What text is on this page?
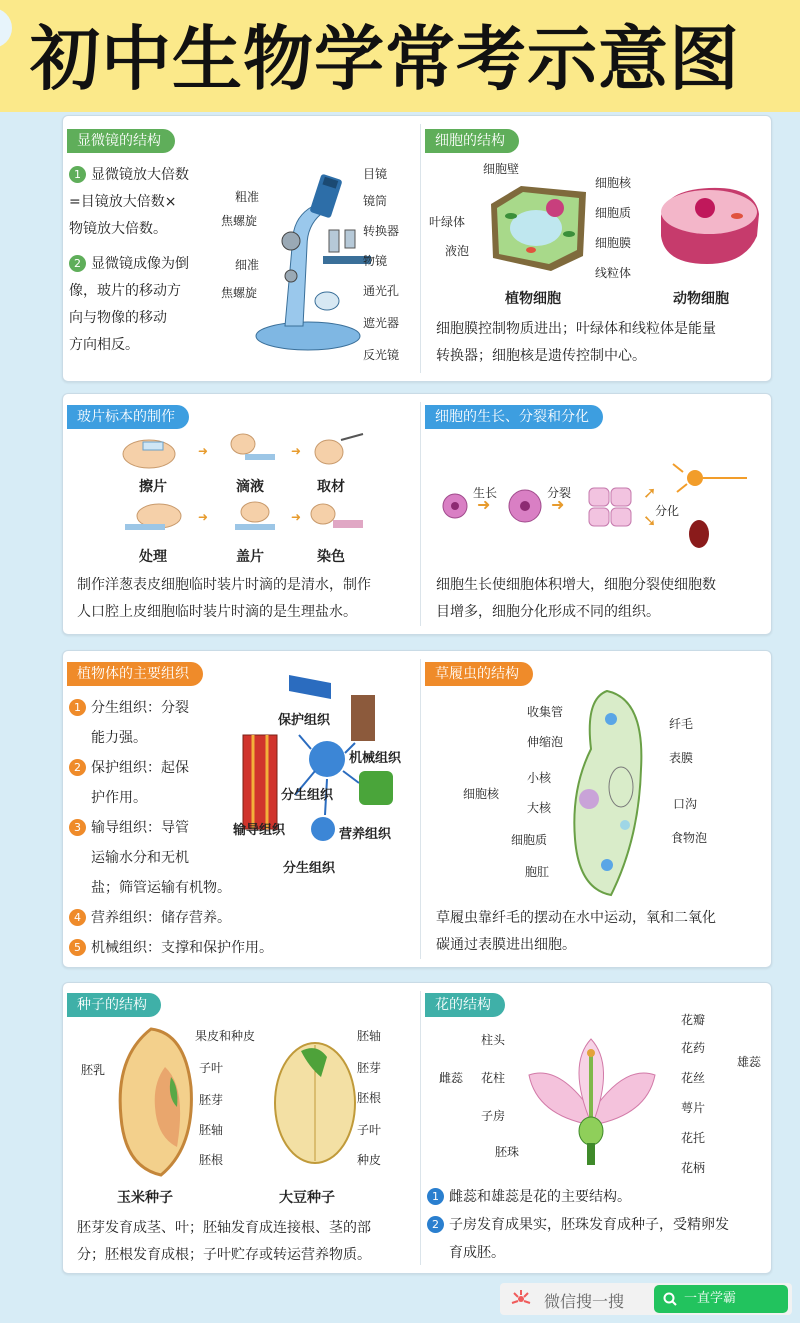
初中生物学常考示意图
显微镜的结构	细胞的结构
1 显微镜放大倍数
=目镜放大倍数×
物镜放大倍数。
2 显微镜成像为倒
像，玻片的移动方
向与物像的移动
方向相反。
粗准
焦螺旋
细准
焦螺旋
目镜
镜筒
转换器
物镜
通光孔
遮光器
反光镜
细胞壁
叶绿体
液泡
细胞核
细胞质
细胞膜
线粒体
植物细胞	动物细胞
细胞膜控制物质进出；叶绿体和线粒体是能量
转换器；细胞核是遗传控制中心。
玻片标本的制作	细胞的生长、分裂和分化
➜	➜
➜	➜
擦片	滴液	取材
处理	盖片	染色
制作洋葱表皮细胞临时装片时滴的是清水，制作
人口腔上皮细胞临时装片时滴的是生理盐水。
➜	➜
➚
➘
生长	分裂
分化
细胞生长使细胞体积增大，细胞分裂使细胞数
目增多，细胞分化形成不同的组织。
植物体的主要组织	草履虫的结构
1 分生组织：分裂
能力强。
2 保护组织：起保
护作用。
3 输导组织：导管
运输水分和无机
盐；筛管运输有机物。
4 营养组织：储存营养。
5 机械组织：支撑和保护作用。
保护组织
机械组织
分生组织
输导组织	营养组织
分生组织
收集管
伸缩泡
细胞核
小核
大核
细胞质
胞肛
纤毛
表膜
口沟
食物泡
草履虫靠纤毛的摆动在水中运动，氧和二氧化
碳通过表膜进出细胞。
种子的结构	花的结构
果皮和种皮
胚乳	子叶
胚芽
胚轴
胚根
胚轴
胚芽
胚根
子叶
种皮
玉米种子	大豆种子
胚芽发育成茎、叶；胚轴发育成连接根、茎的部
分；胚根发育成根；子叶贮存或转运营养物质。
柱头
雌蕊 花柱
子房
胚珠
花瓣
花药
雄蕊
花丝
萼片
花托
花柄
1 雌蕊和雄蕊是花的主要结构。
2 子房发育成果实，胚珠发育成种子，受精卵发
育成胚。
微信搜一搜	一直学霸
